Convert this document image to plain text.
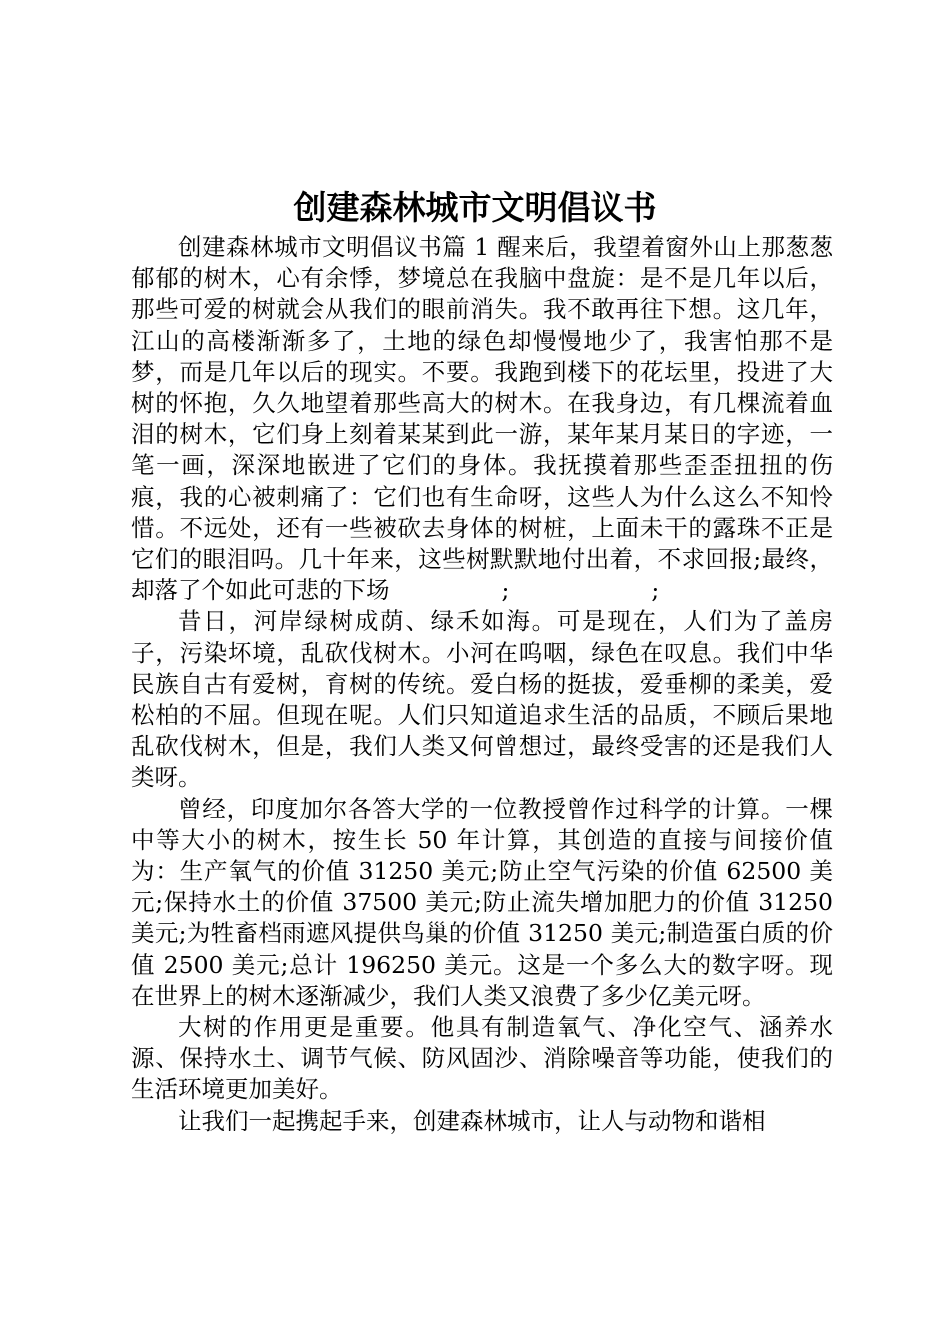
创建森林城市文明倡议书

创建森林城市文明倡议书篇 1 醒来后，我望着窗外山上那葱葱郁郁的树木，心有余悸，梦境总在我脑中盘旋：是不是几年以后，那些可爱的树就会从我们的眼前消失。我不敢再往下想。这几年，江山的高楼渐渐多了，土地的绿色却慢慢地少了，我害怕那不是梦，而是几年以后的现实。不要。我跑到楼下的花坛里，投进了大树的怀抱，久久地望着那些高大的树木。在我身边，有几棵流着血泪的树木，它们身上刻着某某到此一游，某年某月某日的字迹，一笔一画，深深地嵌进了它们的身体。我抚摸着那些歪歪扭扭的伤痕，我的心被刺痛了：它们也有生命呀，这些人为什么这么不知怜惜。不远处，还有一些被砍去身体的树桩，上面未干的露珠不正是它们的眼泪吗。几十年来，这些树默默地付出着，不求回报;最终，却落了个如此可悲的下场               ;                   ;

昔日，河岸绿树成荫、绿禾如海。可是现在，人们为了盖房子，污染坏境，乱砍伐树木。小河在呜咽，绿色在叹息。我们中华民族自古有爱树，育树的传统。爱白杨的挺拔，爱垂柳的柔美，爱松柏的不屈。但现在呢。人们只知道追求生活的品质，不顾后果地乱砍伐树木，但是，我们人类又何曾想过，最终受害的还是我们人类呀。

曾经，印度加尔各答大学的一位教授曾作过科学的计算。一棵中等大小的树木，按生长 50 年计算，其创造的直接与间接价值为：生产氧气的价值 31250 美元;防止空气污染的价值 62500 美元;保持水土的价值 37500 美元;防止流失增加肥力的价值 31250 美元;为牲畜档雨遮风提供鸟巢的价值 31250 美元;制造蛋白质的价值 2500 美元;总计 196250 美元。这是一个多么大的数字呀。现在世界上的树木逐渐减少，我们人类又浪费了多少亿美元呀。

大树的作用更是重要。他具有制造氧气、净化空气、涵养水源、保持水土、调节气候、防风固沙、消除噪音等功能，使我们的生活环境更加美好。

让我们一起携起手来，创建森林城市，让人与动物和谐相
